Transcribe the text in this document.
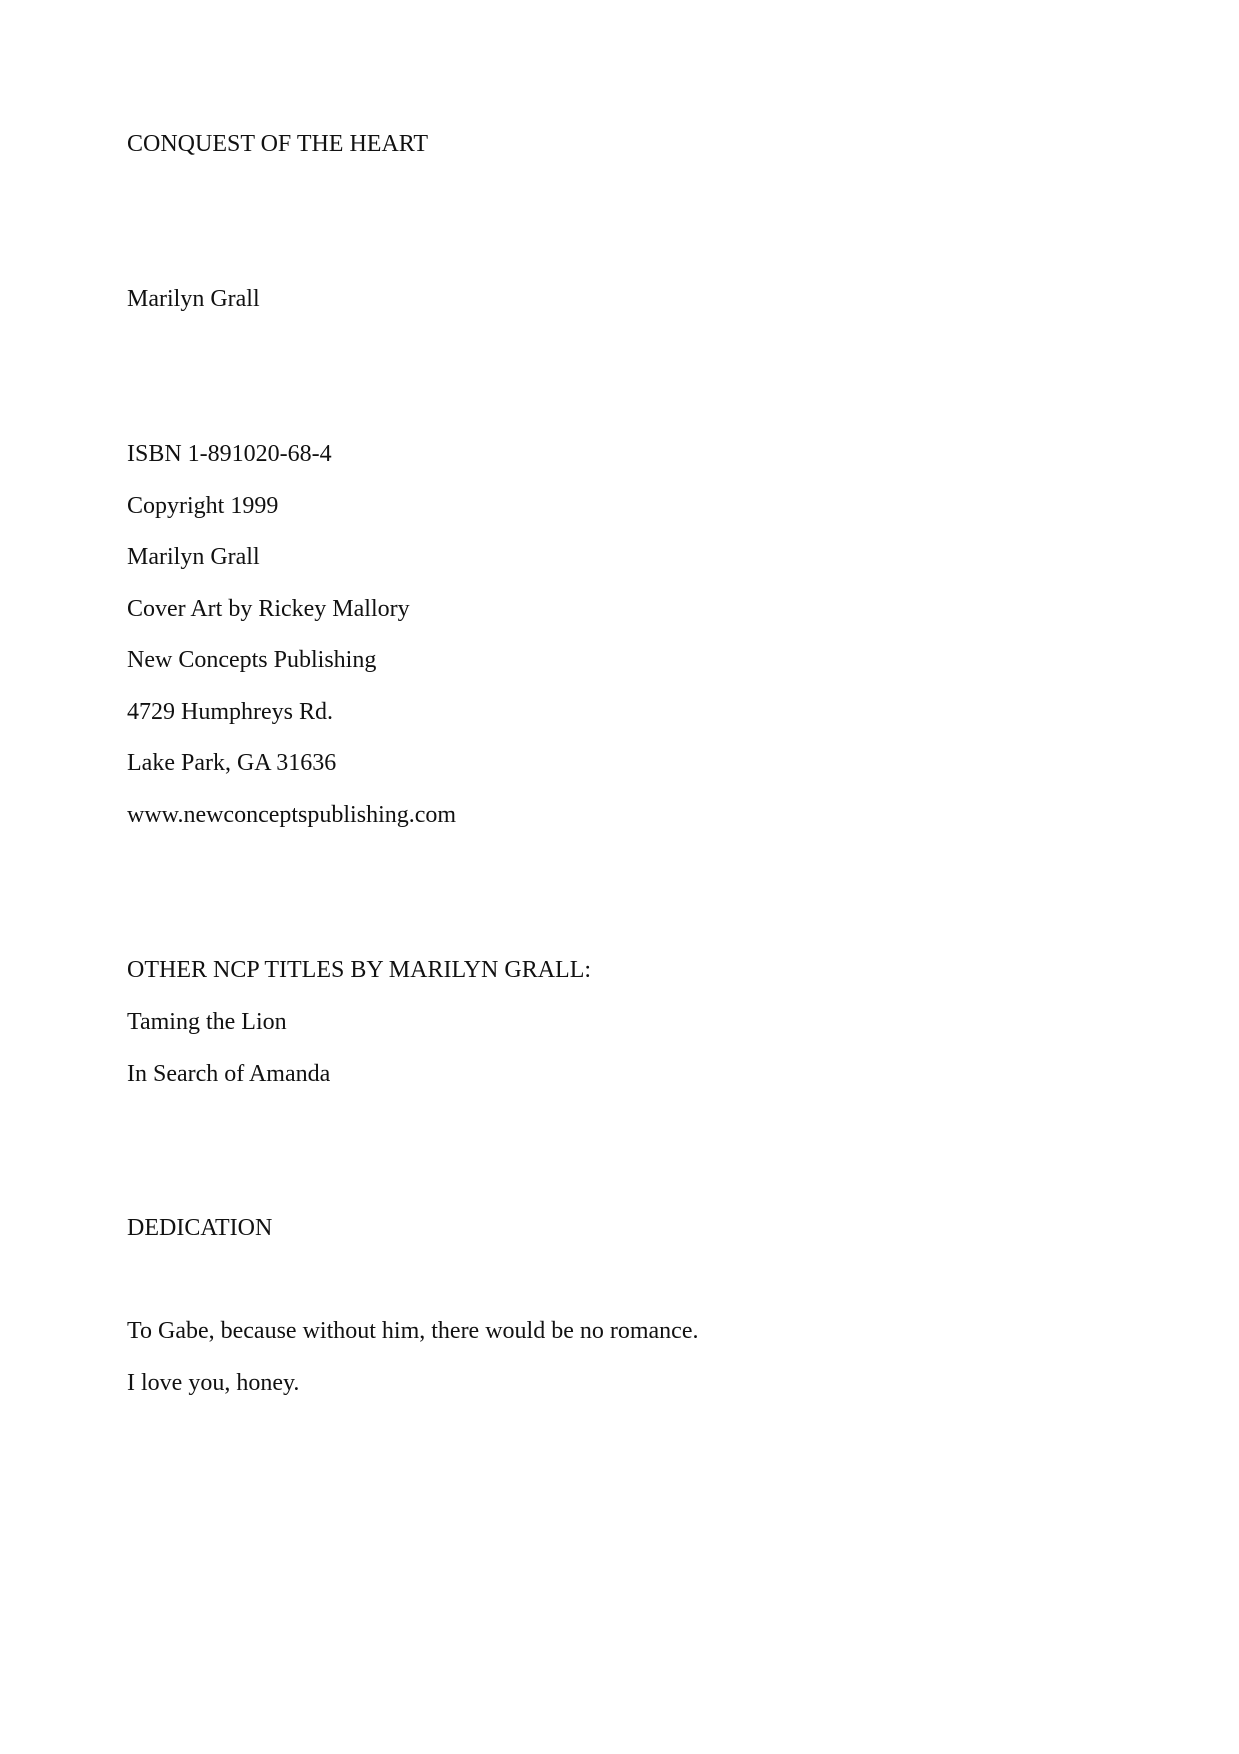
CONQUEST OF THE HEART
Marilyn Grall
ISBN 1-891020-68-4
Copyright 1999
Marilyn Grall
Cover Art by Rickey Mallory
New Concepts Publishing
4729 Humphreys Rd.
Lake Park, GA 31636
www.newconceptspublishing.com
OTHER NCP TITLES BY MARILYN GRALL:
Taming the Lion
In Search of Amanda
DEDICATION
To Gabe, because without him, there would be no romance.
I love you, honey.
